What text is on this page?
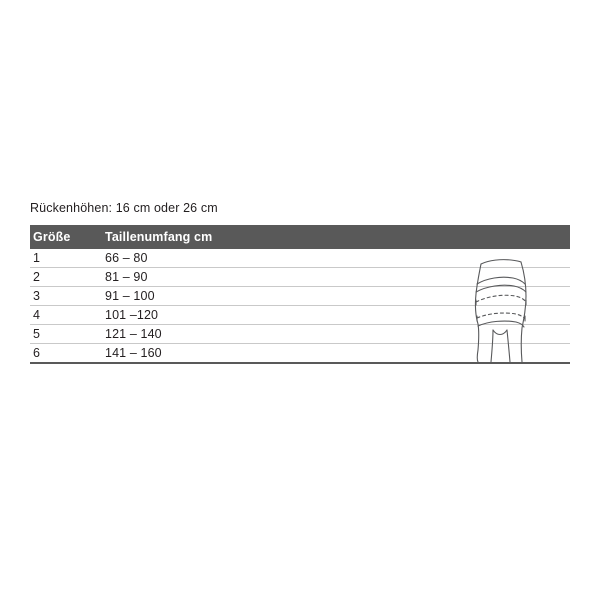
Rückenhöhen: 16 cm oder 26 cm
Größe	Taillenumfang cm
1	66 – 80
2	81 – 90
3	91 – 100
4	101 –120
5	121 – 140
6	141 – 160
